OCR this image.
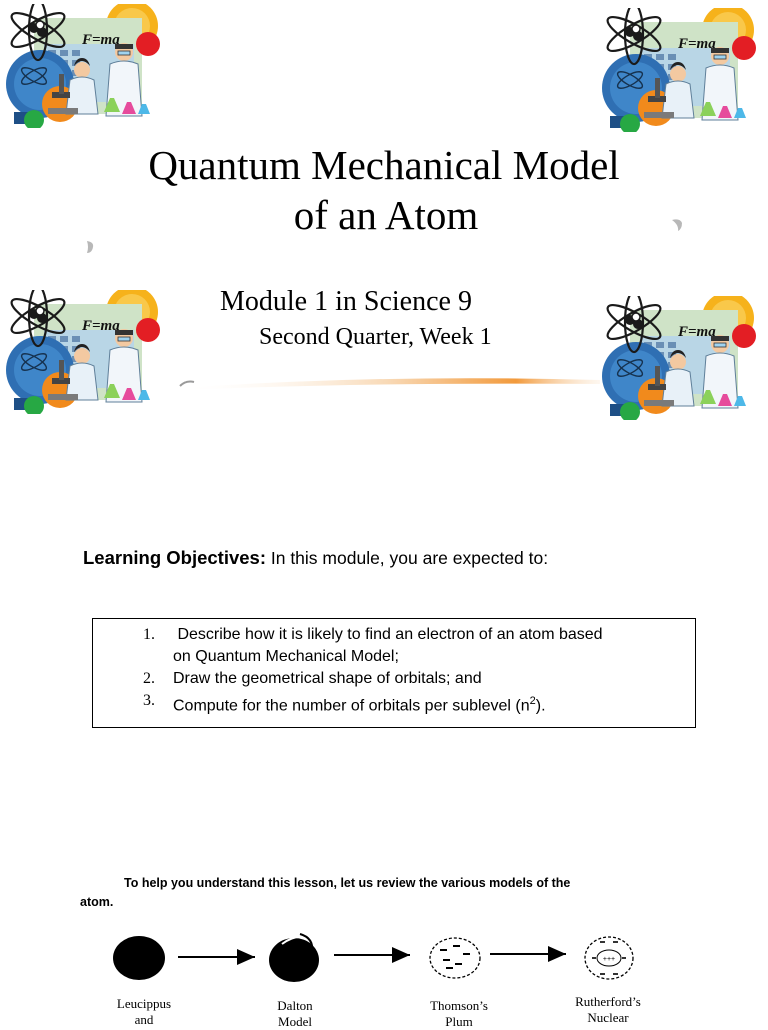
Quantum Mechanical Model
of an Atom
Module 1 in Science 9
Second Quarter, Week 1
Learning Objectives: In this module, you are expected to:
1. Describe how it is likely to find an electron of an atom based
on Quantum Mechanical Model;
2. Draw the geometrical shape of orbitals; and
3. Compute for the number of orbitals per sublevel $(n^2)$.
To help you understand this lesson, let us review the various models of the
atom.
+++
Leucippus
and
Dalton
Model
Thomson’s
Plum
Rutherford’s
Nuclear
